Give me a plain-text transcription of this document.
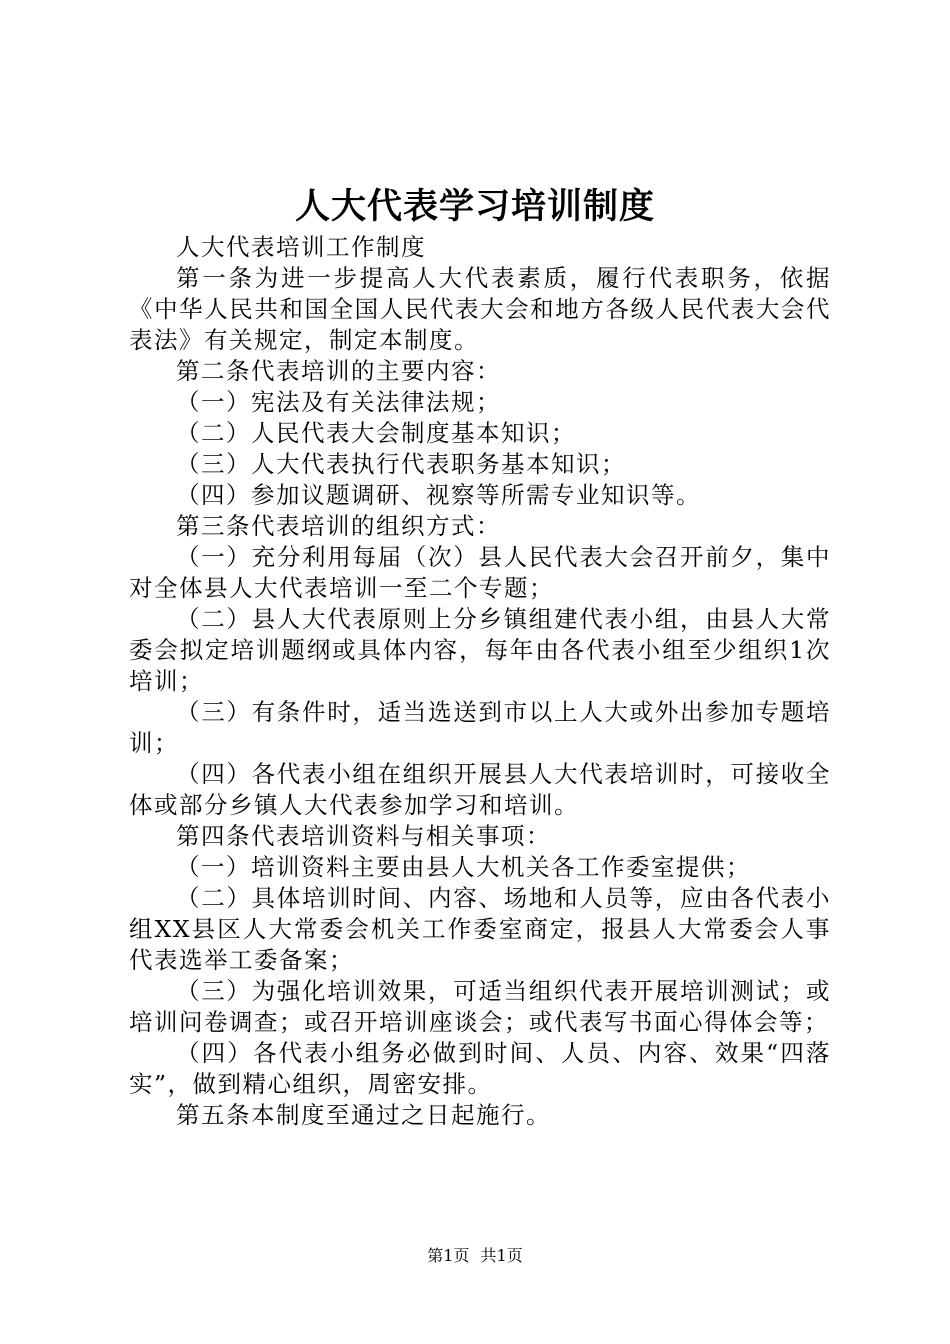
人大代表学习培训制度

人大代表培训工作制度

第一条为进一步提高人大代表素质，履行代表职务，依据《中华人民共和国全国人民代表大会和地方各级人民代表大会代表法》有关规定，制定本制度。

第二条代表培训的主要内容：

（一）宪法及有关法律法规；

（二）人民代表大会制度基本知识；

（三）人大代表执行代表职务基本知识；

（四）参加议题调研、视察等所需专业知识等。

第三条代表培训的组织方式：

（一）充分利用每届（次）县人民代表大会召开前夕，集中对全体县人大代表培训一至二个专题；

（二）县人大代表原则上分乡镇组建代表小组，由县人大常委会拟定培训题纲或具体内容，每年由各代表小组至少组织1次培训；

（三）有条件时，适当选送到市以上人大或外出参加专题培训；

（四）各代表小组在组织开展县人大代表培训时，可接收全体或部分乡镇人大代表参加学习和培训。

第四条代表培训资料与相关事项：

（一）培训资料主要由县人大机关各工作委室提供；

（二）具体培训时间、内容、场地和人员等，应由各代表小组XX县区人大常委会机关工作委室商定，报县人大常委会人事代表选举工委备案；

（三）为强化培训效果，可适当组织代表开展培训测试；或培训问卷调查；或召开培训座谈会；或代表写书面心得体会等；

（四）各代表小组务必做到时间、人员、内容、效果“四落实”，做到精心组织，周密安排。

第五条本制度至通过之日起施行。

第1页 共1页
